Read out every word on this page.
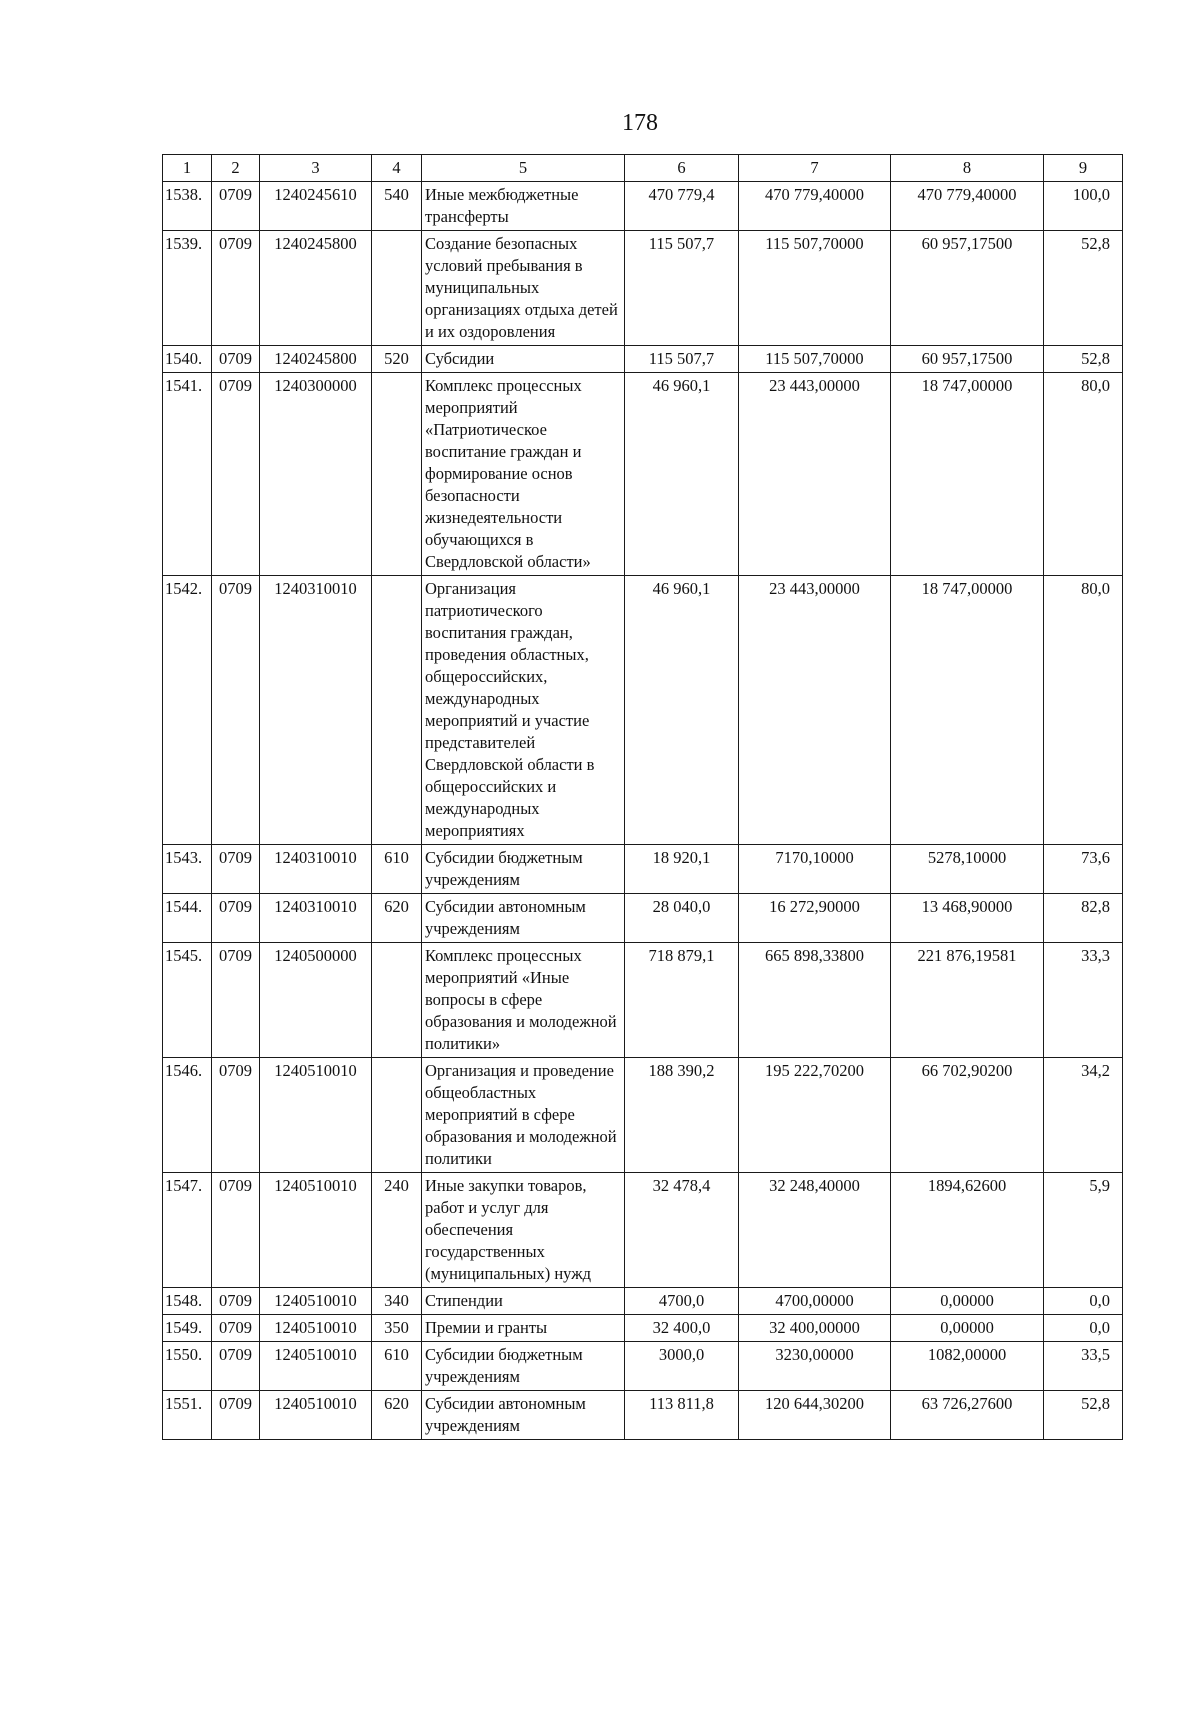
178
1	2	3	4	5	6	7	8	9
1538.	0709	1240245610	540	Иные межбюджетные трансферты	470 779,4	470 779,40000	470 779,40000	100,0
1539.	0709	1240245800		Создание безопасных условий пребывания в муниципальных организациях отдыха детей и их оздоровления	115 507,7	115 507,70000	60 957,17500	52,8
1540.	0709	1240245800	520	Субсидии	115 507,7	115 507,70000	60 957,17500	52,8
1541.	0709	1240300000		Комплекс процессных мероприятий «Патриотическое воспитание граждан и формирование основ безопасности жизнедеятельности обучающихся в Свердловской области»	46 960,1	23 443,00000	18 747,00000	80,0
1542.	0709	1240310010		Организация патриотического воспитания граждан, проведения областных, общероссийских, международных мероприятий и участие представителей Свердловской области в общероссийских и международных мероприятиях	46 960,1	23 443,00000	18 747,00000	80,0
1543.	0709	1240310010	610	Субсидии бюджетным учреждениям	18 920,1	7170,10000	5278,10000	73,6
1544.	0709	1240310010	620	Субсидии автономным учреждениям	28 040,0	16 272,90000	13 468,90000	82,8
1545.	0709	1240500000		Комплекс процессных мероприятий «Иные вопросы в сфере образования и молодежной политики»	718 879,1	665 898,33800	221 876,19581	33,3
1546.	0709	1240510010		Организация и проведение общеобластных мероприятий в сфере образования и молодежной политики	188 390,2	195 222,70200	66 702,90200	34,2
1547.	0709	1240510010	240	Иные закупки товаров, работ и услуг для обеспечения государственных (муниципальных) нужд	32 478,4	32 248,40000	1894,62600	5,9
1548.	0709	1240510010	340	Стипендии	4700,0	4700,00000	0,00000	0,0
1549.	0709	1240510010	350	Премии и гранты	32 400,0	32 400,00000	0,00000	0,0
1550.	0709	1240510010	610	Субсидии бюджетным учреждениям	3000,0	3230,00000	1082,00000	33,5
1551.	0709	1240510010	620	Субсидии автономным учреждениям	113 811,8	120 644,30200	63 726,27600	52,8
